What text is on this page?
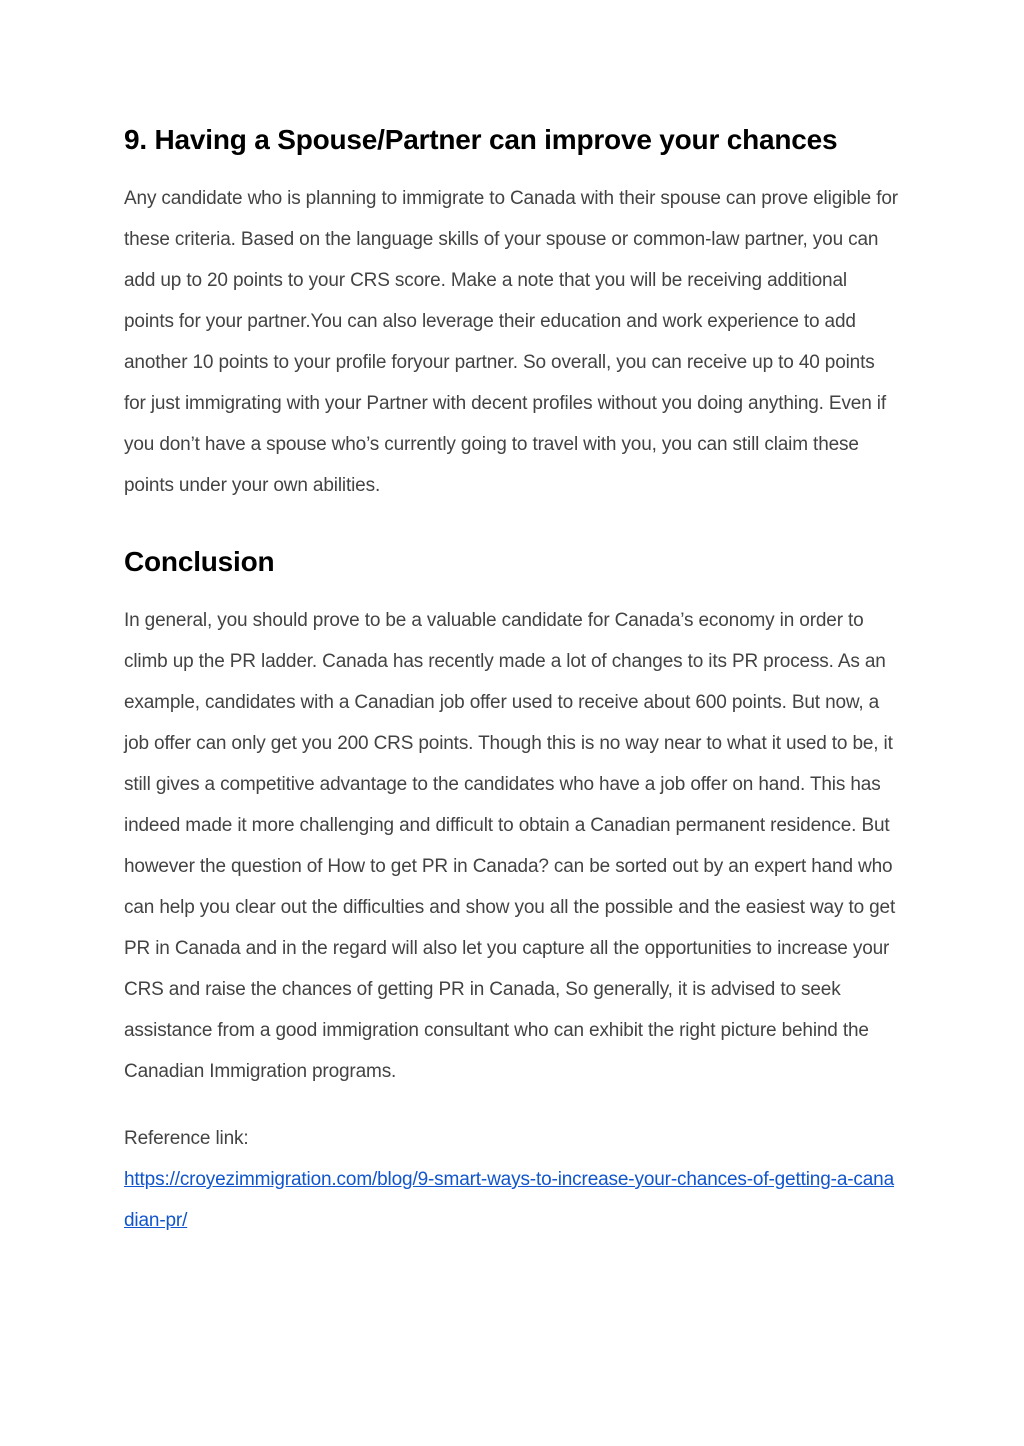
9. Having a Spouse/Partner can improve your chances

Any candidate who is planning to immigrate to Canada with their spouse can prove eligible for these criteria. Based on the language skills of your spouse or common-law partner, you can add up to 20 points to your CRS score. Make a note that you will be receiving additional points for your partner.You can also leverage their education and work experience to add another 10 points to your profile foryour partner. So overall, you can receive up to 40 points for just immigrating with your Partner with decent profiles without you doing anything. Even if you don’t have a spouse who’s currently going to travel with you, you can still claim these points under your own abilities.

Conclusion

In general, you should prove to be a valuable candidate for Canada’s economy in order to climb up the PR ladder. Canada has recently made a lot of changes to its PR process. As an example, candidates with a Canadian job offer used to receive about 600 points. But now, a job offer can only get you 200 CRS points. Though this is no way near to what it used to be, it still gives a competitive advantage to the candidates who have a job offer on hand. This has indeed made it more challenging and difficult to obtain a Canadian permanent residence. But however the question of How to get PR in Canada? can be sorted out by an expert hand who can help you clear out the difficulties and show you all the possible and the easiest way to get PR in Canada and in the regard will also let you capture all the opportunities to increase your CRS and raise the chances of getting PR in Canada, So generally, it is advised to seek assistance from a good immigration consultant who can exhibit the right picture behind the Canadian Immigration programs.

Reference link:
https://croyezimmigration.com/blog/9-smart-ways-to-increase-your-chances-of-getting-a-canadian-pr/
